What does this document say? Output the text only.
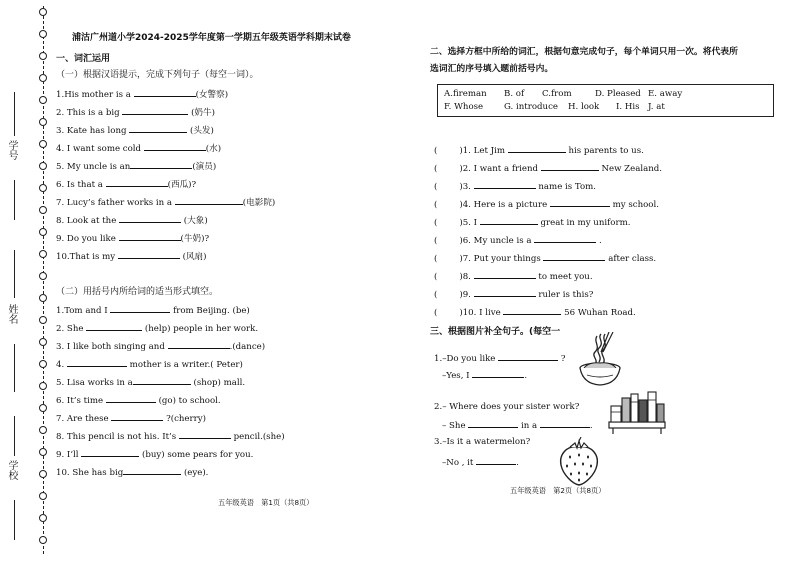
学号
姓名
学校
浦沽广州道小学2024-2025学年度第一学期五年级英语学科期末试卷
一、词汇运用
（一）根据汉语提示，完成下列句子（每空一词）。
1.His mother is a	(女警察)
2. This is a big	(奶牛)
3. Kate has long	(头发)
4. I want some cold	(水)
5. My uncle is an	(演员)
6. Is that a	(西瓜)?
7. Lucy’s father works in a	(电影院)
8. Look at the	(大象)
9. Do you like	(牛奶)?
10.That is my	(风扇)
（二）用括号内所给词的适当形式填空。
1.Tom and I	from Beijing. (be)
2. She	(help) people in her work.
3. I like both singing and	.(dance)
4.	mother is a writer.( Peter)
5. Lisa works in a	(shop) mall.
6. It’s time	(go) to school.
7. Are these	?(cherry)
8. This pencil is not his. It’s	pencil.(she)
9. I’ll	(buy) some pears for you.
10. She has big	(eye).
五年级英语　第1页（共8页）
二、选择方框中所给的词汇，根据句意完成句子，每个单词只用一次。将代表所
选词汇的序号填入题前括号内。
A.fireman B. of C.from	D. Pleased E. away
F. Whose G. introduce H. look I. His J. at
(	)1. Let Jim	his parents to us.
(	)2. I want a friend	New Zealand.
(	)3.	name is Tom.
(	)4. Here is a picture	my school.
(	)5. I	great in my uniform.
(	)6. My uncle is a	.
(	)7. Put your things	after class.
(	)8.	to meet you.
(	)9.	ruler is this?
(	)10. I live	56 Wuhan Road.
三、根据图片补全句子。(每空一
1.–Do you like	?
–Yes, I	.
2.– Where does your sister work?
– She	in a	.
3.–Is it a watermelon?
–No , it	.
五年级英语　第2页（共8页）
